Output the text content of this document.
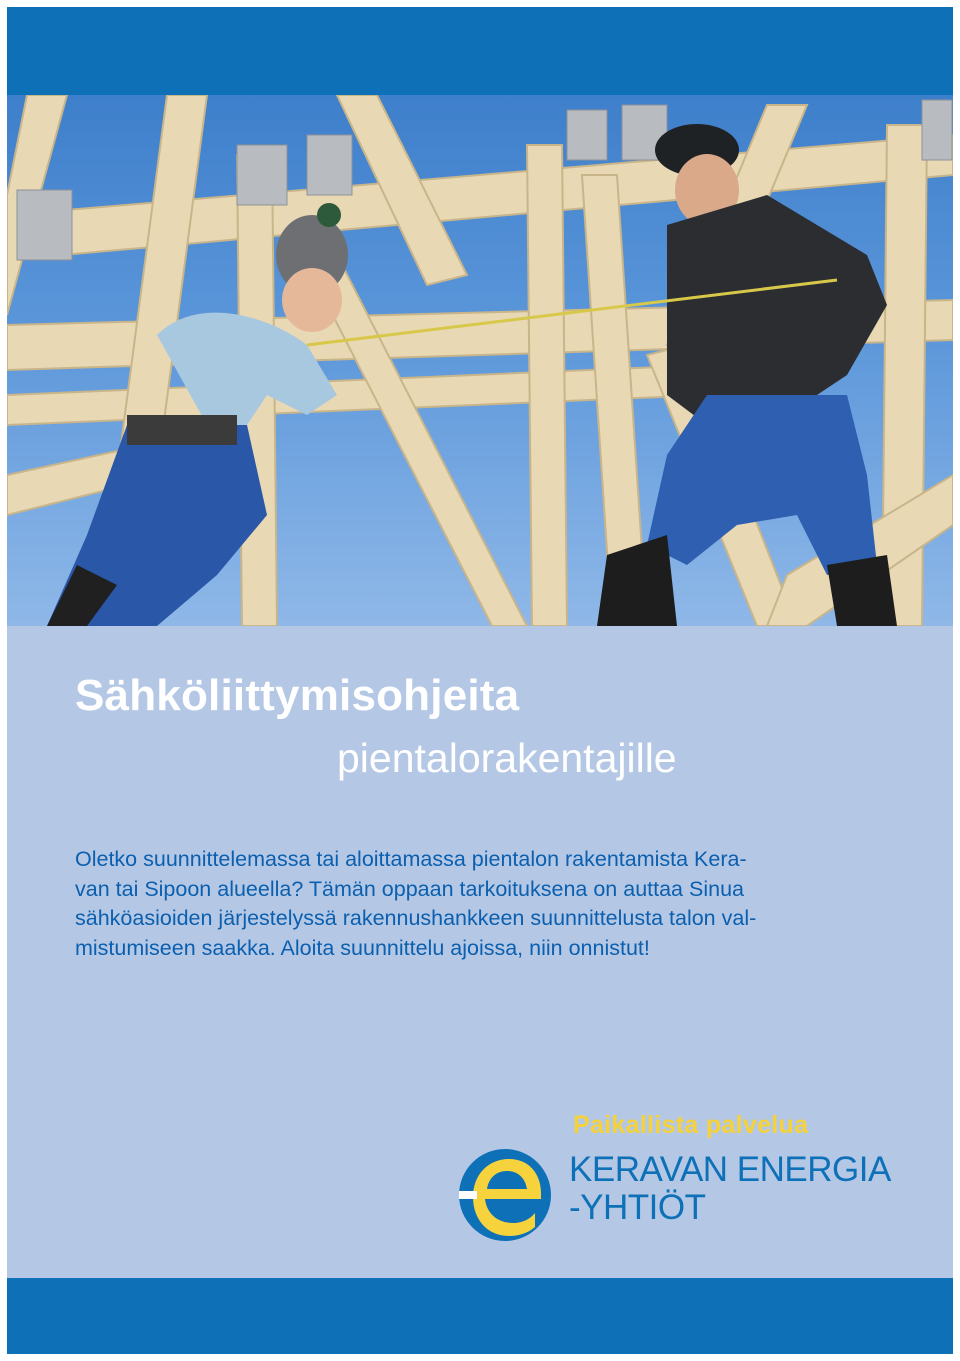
Sähköliittymisohjeita
pientalorakentajille

Oletko suunnittelemassa tai aloittamassa pientalon rakentamista Kera-
van tai Sipoon alueella? Tämän oppaan tarkoituksena on auttaa Sinua
sähköasioiden järjestelyssä rakennushankkeen suunnittelusta talon val-
mistumiseen saakka. Aloita suunnittelu ajoissa, niin onnistut!

Paikallista palvelua

KERAVAN ENERGIA
-YHTIÖT
